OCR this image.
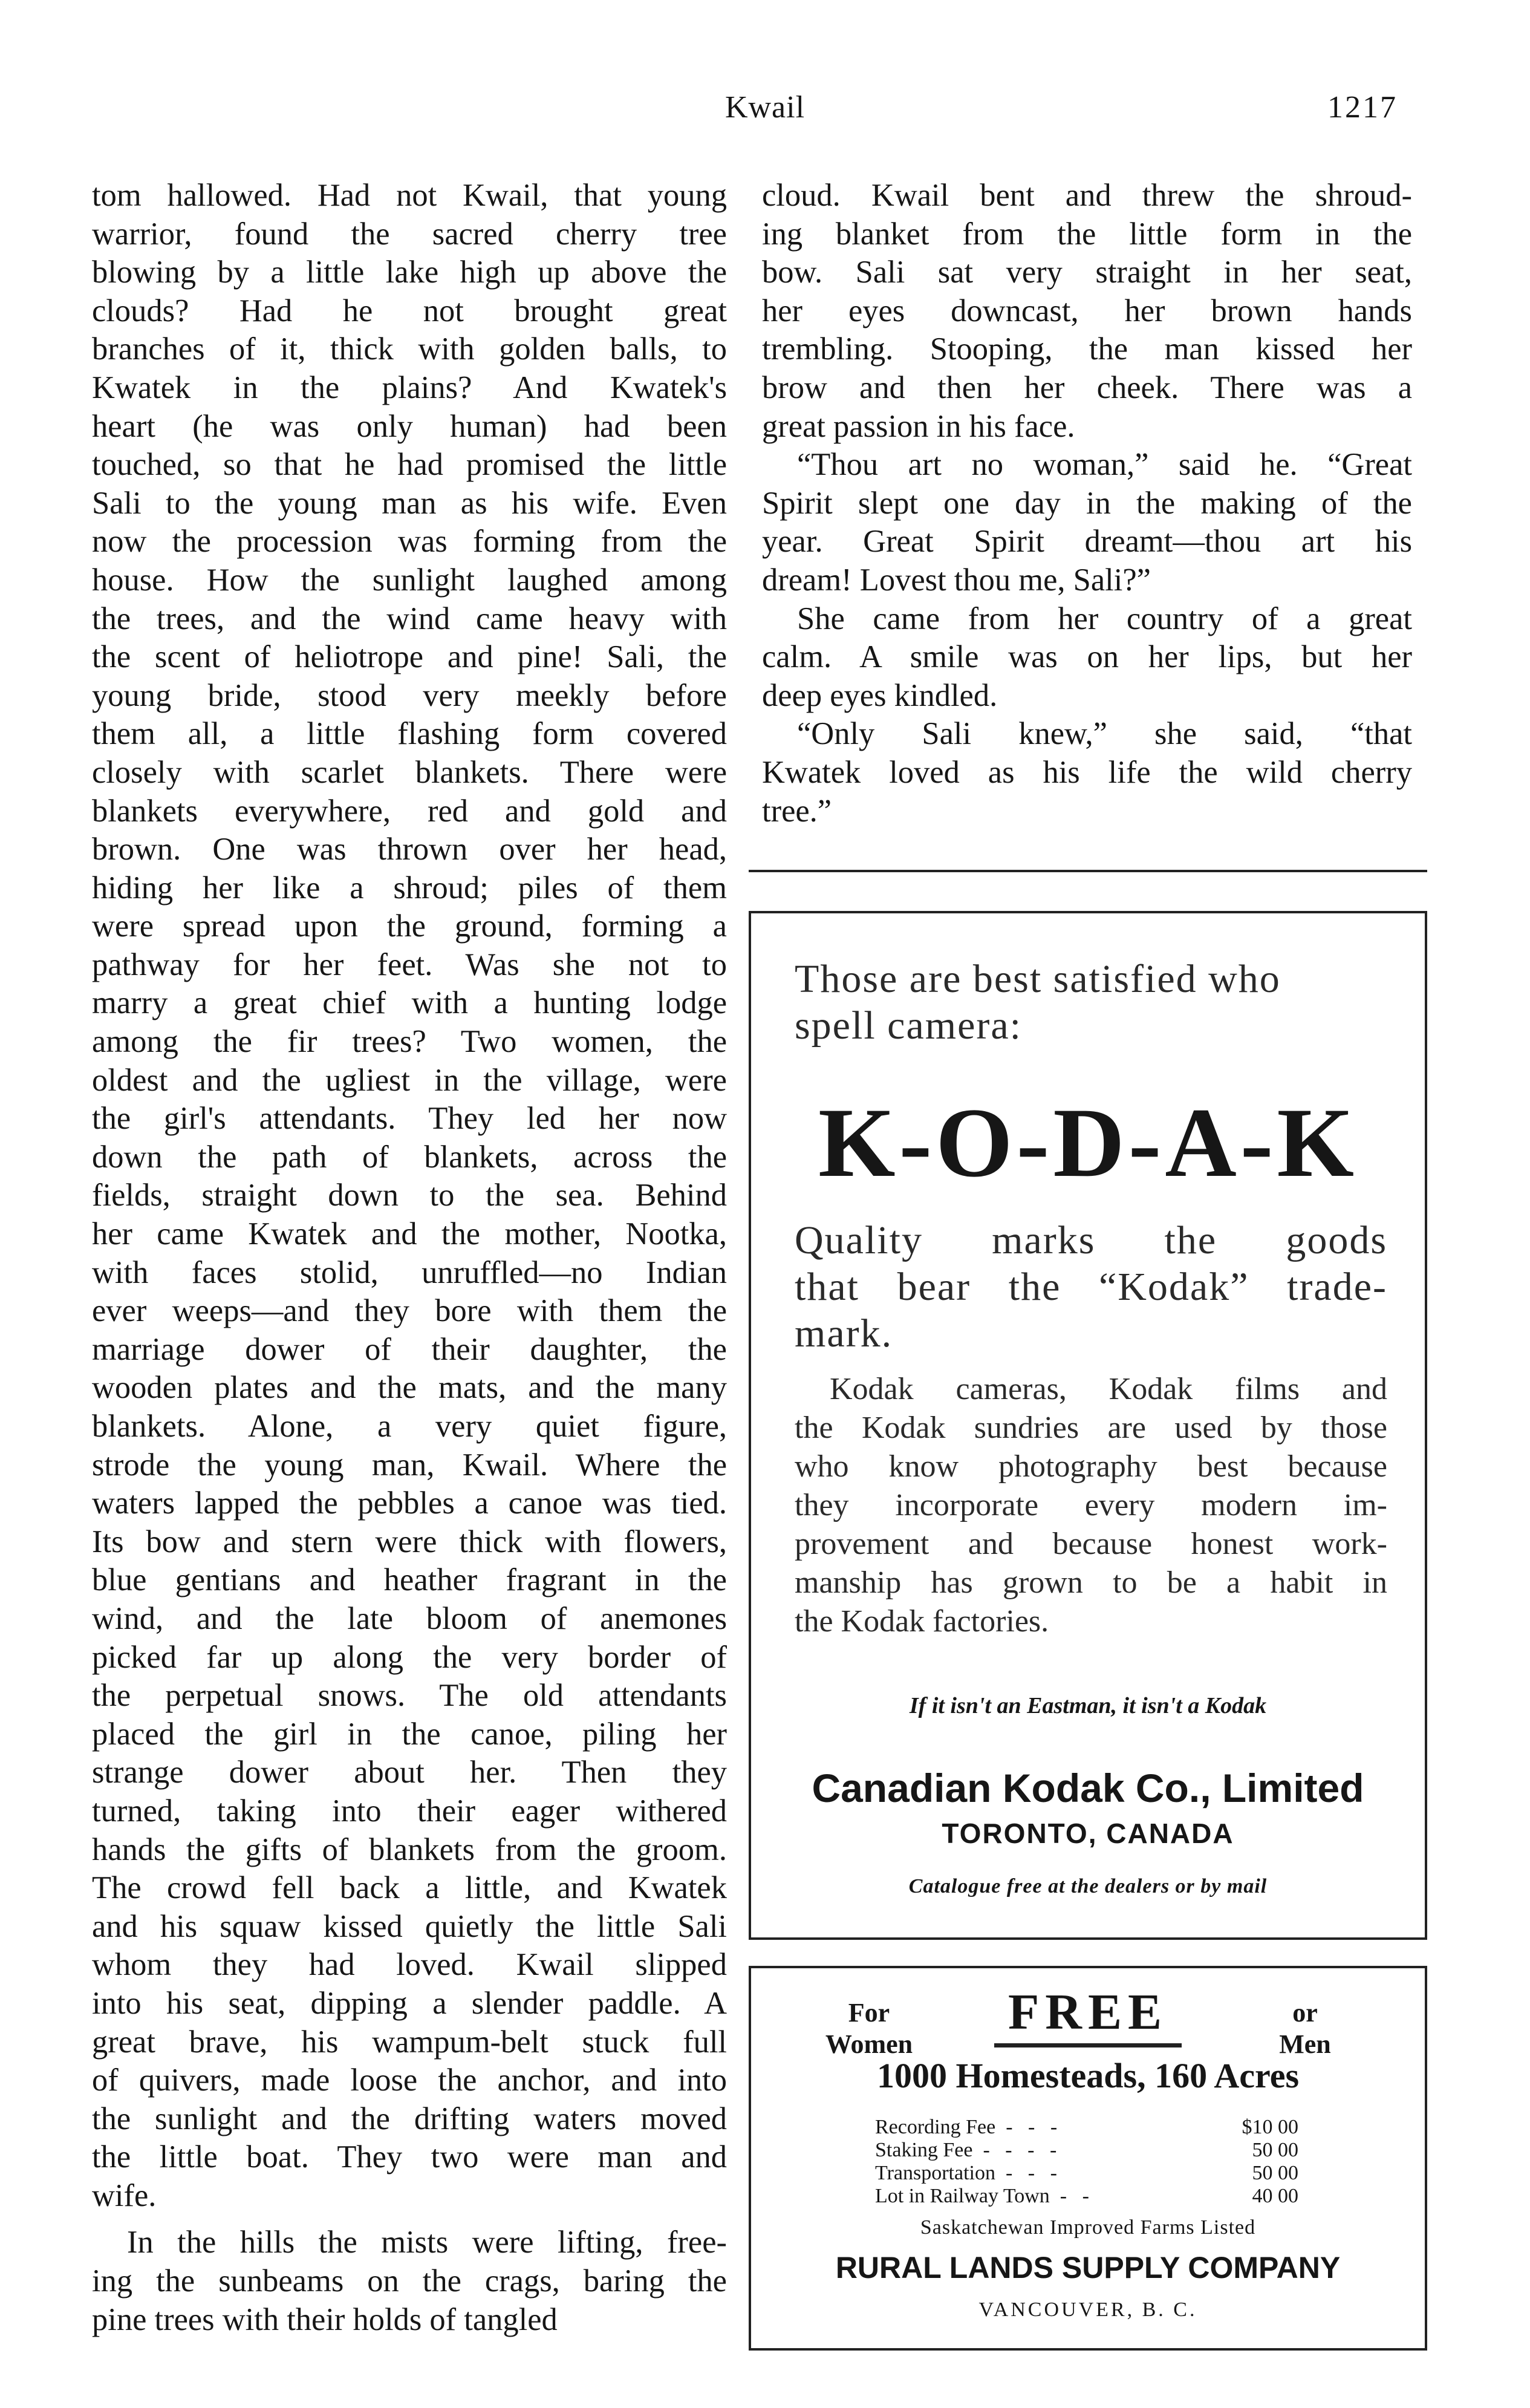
Kwail	1217
tom hallowed. Had not Kwail, that young
warrior, found the sacred cherry tree
blowing by a little lake high up above the
clouds? Had he not brought great
branches of it, thick with golden balls, to
Kwatek in the plains? And Kwatek's
heart (he was only human) had been
touched, so that he had promised the little
Sali to the young man as his wife. Even
now the procession was forming from the
house. How the sunlight laughed among
the trees, and the wind came heavy with
the scent of heliotrope and pine! Sali, the
young bride, stood very meekly before
them all, a little flashing form covered
closely with scarlet blankets. There were
blankets everywhere, red and gold and
brown. One was thrown over her head,
hiding her like a shroud; piles of them
were spread upon the ground, forming a
pathway for her feet. Was she not to
marry a great chief with a hunting lodge
among the fir trees? Two women, the
oldest and the ugliest in the village, were
the girl's attendants. They led her now
down the path of blankets, across the
fields, straight down to the sea. Behind
her came Kwatek and the mother, Nootka,
with faces stolid, unruffled—no Indian
ever weeps—and they bore with them the
marriage dower of their daughter, the
wooden plates and the mats, and the many
blankets. Alone, a very quiet figure,
strode the young man, Kwail. Where the
waters lapped the pebbles a canoe was tied.
Its bow and stern were thick with flowers,
blue gentians and heather fragrant in the
wind, and the late bloom of anemones
picked far up along the very border of
the perpetual snows. The old attendants
placed the girl in the canoe, piling her
strange dower about her. Then they
turned, taking into their eager withered
hands the gifts of blankets from the groom.
The crowd fell back a little, and Kwatek
and his squaw kissed quietly the little Sali
whom they had loved. Kwail slipped
into his seat, dipping a slender paddle. A
great brave, his wampum-belt stuck full
of quivers, made loose the anchor, and into
the sunlight and the drifting waters moved
the little boat. They two were man and
wife.
In the hills the mists were lifting, free-
ing the sunbeams on the crags, baring the
pine trees with their holds of tangled
cloud. Kwail bent and threw the shroud-
ing blanket from the little form in the
bow. Sali sat very straight in her seat,
her eyes downcast, her brown hands
trembling. Stooping, the man kissed her
brow and then her cheek. There was a
great passion in his face.
“Thou art no woman,” said he. “Great
Spirit slept one day in the making of the
year. Great Spirit dreamt—thou art his
dream! Lovest thou me, Sali?”
She came from her country of a great
calm. A smile was on her lips, but her
deep eyes kindled.
“Only Sali knew,” she said, “that
Kwatek loved as his life the wild cherry
tree.”
Those are best satisfied who
spell camera:
K-O-D-A-K
Quality marks the goods
that bear the “Kodak” trade-
mark.
Kodak cameras, Kodak films and
the Kodak sundries are used by those
who know photography best because
they incorporate every modern im-
provement and because honest work-
manship has grown to be a habit in
the Kodak factories.
If it isn't an Eastman, it isn't a Kodak
Canadian Kodak Co., Limited
TORONTO, CANADA
Catalogue free at the dealers or by mail
For
Women
FREE	or
Men
1000 Homesteads, 160 Acres
Recording Fee  -   -   -	$10 00
Staking Fee  -   -   -   -	50 00
Transportation  -   -   -	50 00
Lot in Railway Town  -   -	40 00
Saskatchewan Improved Farms Listed
RURAL LANDS SUPPLY COMPANY
VANCOUVER, B. C.
